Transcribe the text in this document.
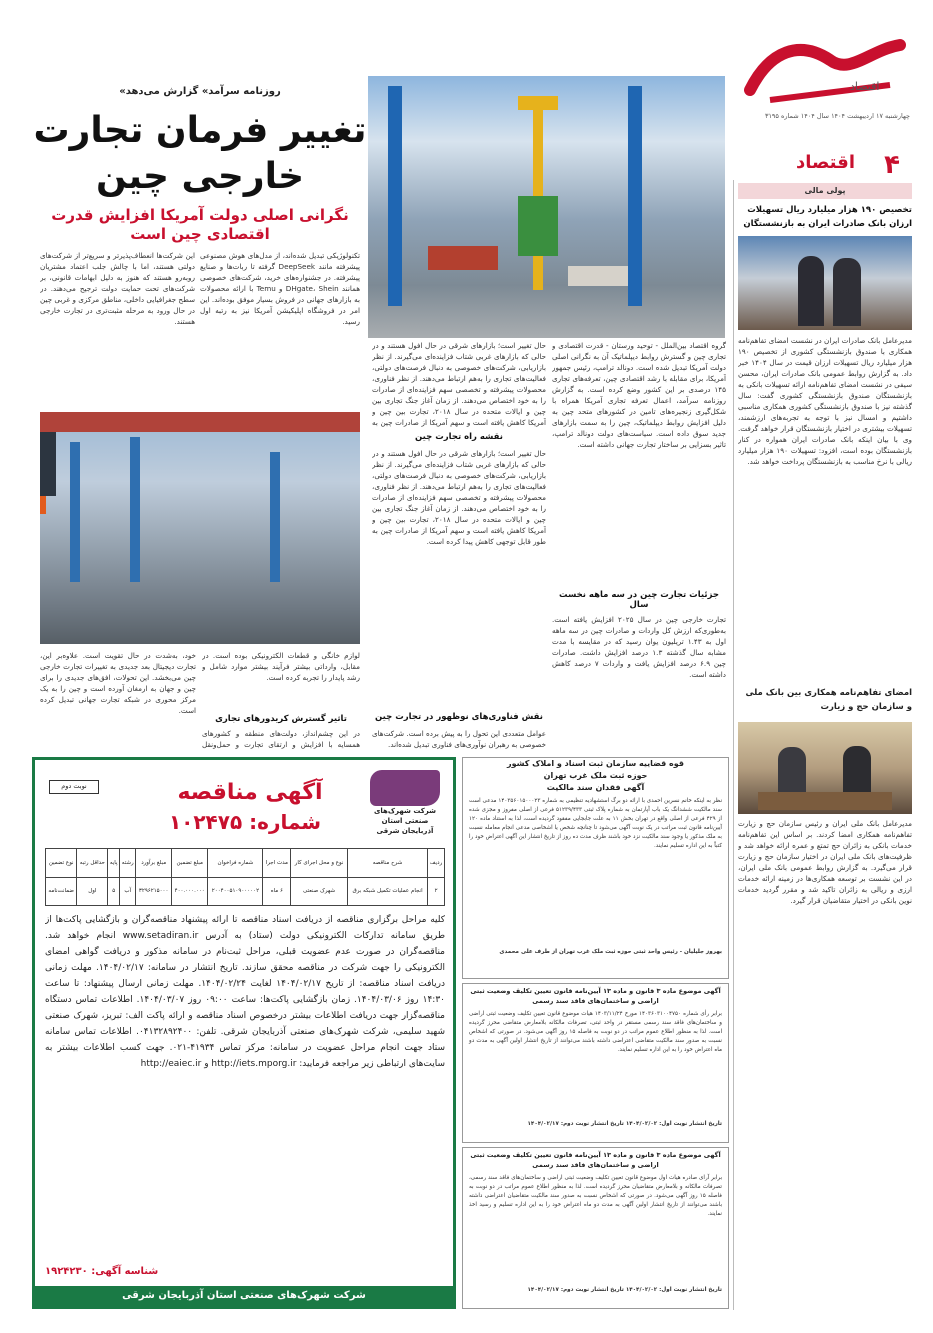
اقتصاد
چهارشنبه ۱۷ اردیبهشت ۱۴۰۴ سال ۱۴۰۴ شماره ۳۱۹۵
۴
اقتصاد
پولی مالی
تخصیص ۱۹۰ هزار میلیارد ریال تسهیلات ارزان بانک صادرات ایران به بازنشستگان
مدیرعامل بانک صادرات ایران در نشست امضای تفاهم‌نامه همکاری با صندوق بازنشستگی کشوری از تخصیص ۱۹۰ هزار میلیارد ریال تسهیلات ارزان قیمت در سال ۱۴۰۴ خبر داد. به گزارش روابط عمومی بانک صادرات ایران، محسن سیفی در نشست امضای تفاهم‌نامه ارائه تسهیلات بانکی به بازنشستگان صندوق بازنشستگی کشوری گفت: سال گذشته نیز با صندوق بازنشستگی کشوری همکاری مناسبی داشتیم و امسال نیز با توجه به تجربه‌های ارزشمند، تسهیلات بیشتری در اختیار بازنشستگان قرار خواهد گرفت. وی با بیان اینکه بانک صادرات ایران همواره در کنار بازنشستگان بوده است، افزود: تسهیلات ۱۹۰ هزار میلیارد ریالی با نرخ مناسب به بازنشستگان پرداخت خواهد شد.
امضای تفاهم‌نامه همکاری بین بانک ملی و سازمان حج و زیارت
مدیرعامل بانک ملی ایران و رئیس سازمان حج و زیارت تفاهم‌نامه همکاری امضا کردند. بر اساس این تفاهم‌نامه خدمات بانکی به زائران حج تمتع و عمره ارائه خواهد شد و ظرفیت‌های بانک ملی ایران در اختیار سازمان حج و زیارت قرار می‌گیرد. به گزارش روابط عمومی بانک ملی ایران، در این نشست بر توسعه همکاری‌ها در زمینه ارائه خدمات ارزی و ریالی به زائران تاکید شد و مقرر گردید خدمات نوین بانکی در اختیار متقاضیان قرار گیرد.
«روزنامه سرآمد» گزارش می‌دهد
تغییر فرمان تجارت
خارجی چین
نگرانی اصلی دولت آمریکا افزایش قدرت اقتصادی چین است
گروه اقتصاد بین‌الملل - توحید ورستان - قدرت اقتصادی و تجاری چین و گسترش روابط دیپلماتیک آن به نگرانی اصلی دولت آمریکا تبدیل شده است. دونالد ترامپ، رئیس جمهور آمریکا، برای مقابله با رشد اقتصادی چین، تعرفه‌های تجاری ۱۴۵ درصدی بر این کشور وضع کرده است. به گزارش روزنامه سرآمد، اعمال تعرفه تجاری آمریکا همراه با شکل‌گیری زنجیره‌های تامین در کشورهای متحد چین به دلیل افزایش روابط دیپلماتیک، چین را به سمت بازارهای جدید سوق داده است. سیاست‌های دولت دونالد ترامپ، تاثیر بسزایی بر ساختار تجارت جهانی داشته است.
جزئیات تجارت چین در سه ماهه نخست سال
تجارت خارجی چین در سال ۲۰۲۵ افزایش یافته است. به‌طوری‌که ارزش کل واردات و صادرات چین در سه ماهه اول به ۱.۴۳ تریلیون یوان رسید که در مقایسه با مدت مشابه سال گذشته ۱.۳ درصد افزایش داشت. صادرات چین ۶.۹ درصد افزایش یافت و واردات ۷ درصد کاهش داشته است.
حال تغییر است؛ بازارهای شرقی در حال افول هستند و در حالی که بازارهای غربی شتاب فزاینده‌ای می‌گیرند. از نظر بازاریابی، شرکت‌های خصوصی به دنبال فرصت‌های دولتی، فعالیت‌های تجاری را به‌هم ارتباط می‌دهند. از نظر فناوری، محصولات پیشرفته و تخصصی سهم فزاینده‌ای از صادرات را به خود اختصاص می‌دهند. از زمان آغاز جنگ تجاری بین چین و ایالات متحده در سال ۲۰۱۸، تجارت بین چین و آمریکا کاهش یافته است و سهم آمریکا از صادرات چین به
نقشه راه تجارت چین
حال تغییر است؛ بازارهای شرقی در حال افول هستند و در حالی که بازارهای غربی شتاب فزاینده‌ای می‌گیرند. از نظر بازاریابی، شرکت‌های خصوصی به دنبال فرصت‌های دولتی، فعالیت‌های تجاری را به‌هم ارتباط می‌دهند. از نظر فناوری، محصولات پیشرفته و تخصصی سهم فزاینده‌ای از صادرات را به خود اختصاص می‌دهند. از زمان آغاز جنگ تجاری بین چین و ایالات متحده در سال ۲۰۱۸، تجارت بین چین و آمریکا کاهش یافته است و سهم آمریکا از صادرات چین به طور قابل توجهی کاهش پیدا کرده است.
نقش فناوری‌های نوظهور در تجارت چین
عوامل متعددی این تحول را به پیش برده است. شرکت‌های خصوصی به رهبران نوآوری‌های فناوری تبدیل شده‌اند.
تکنولوژیکی تبدیل شده‌اند، از مدل‌های هوش مصنوعی پیشرفته مانند DeepSeek گرفته تا ربات‌ها و صنایع پیشرفته. در جشنواره‌های خرید، شرکت‌های خصوصی همانند DHgate، Shein و Temu با ارائه محصولات به بازارهای جهانی در فروش بسیار موفق بوده‌اند. این امر در فروشگاه اپلیکیشن آمریکا نیز به رتبه اول رسید.
این شرکت‌ها انعطاف‌پذیرتر و سریع‌تر از شرکت‌های دولتی هستند، اما با چالش جلب اعتماد مشتریان رو‌به‌رو هستند که هنوز به دلیل ابهامات قانونی، بر شرکت‌های تحت حمایت دولت ترجیح می‌دهند. در سطح جغرافیایی داخلی، مناطق مرکزی و غربی چین در حال ورود به مرحله مثبت‌تری در تجارت خارجی هستند.
لوازم خانگی و قطعات الکترونیکی بوده است. در مقابل، وارداتی بیشتر فرآیند بیشتر موارد شامل و رشد پایدار را تجربه کرده است.
تاثیر گسترش کریدورهای تجاری
در این چشم‌انداز، دولت‌های منطقه و کشورهای همسایه با افزایش و ارتقای تجارت و حمل‌ونقل
خود، به‌شدت در حال تقویت است. علاوه‌بر این، تجارت دیجیتال بعد جدیدی به تغییرات تجارت خارجی چین می‌بخشد. این تحولات، افق‌های جدیدی را برای چین و جهان به ارمغان آورده است و چین را به یک مرکز محوری در شبکه تجارت جهانی تبدیل کرده است.
نوبت دوم	آگهی مناقصه
شماره: ۱۰۲۴۷۵	شرکت شهرک‌های صنعتی استان آذربایجان شرقی
ردیف	شرح مناقصه	نوع و محل اجرای کار	مدت اجرا	شماره فراخوان	مبلغ تضمین	مبلغ برآورد	رشته	پایه	حداقل رتبه	نوع تضمین
۲	انجام عملیات تکمیل شبکه برق	شهرک صنعتی	۶ ماه	۲۰۰۴۰۰۵۱۰۹۰۰۰۰۰۲	۴۰۰.۰۰۰.۰۰۰	۳۲۹۶۲۱۵۰۰۰	آب	۵	اول	ضمانت‌نامه
کلیه مراحل برگزاری مناقصه از دریافت اسناد مناقصه تا ارائه پیشنهاد مناقصه‌گران و بازگشایی پاکت‌ها از طریق سامانه تدارکات الکترونیکی دولت (ستاد) به آدرس www.setadiran.ir انجام خواهد شد. مناقصه‌گران در صورت عدم عضویت قبلی، مراحل ثبت‌نام در سامانه مذکور و دریافت گواهی امضای الکترونیکی را جهت شرکت در مناقصه محقق سازند. تاریخ انتشار در سامانه: ۱۴۰۴/۰۲/۱۷. مهلت زمانی دریافت اسناد مناقصه: از تاریخ ۱۴۰۴/۰۲/۱۷ لغایت ۱۴۰۴/۰۲/۲۴. مهلت زمانی ارسال پیشنهاد: تا ساعت ۱۴:۳۰ روز ۱۴۰۴/۰۳/۰۶. زمان بازگشایی پاکت‌ها: ساعت ۰۹:۰۰ روز ۱۴۰۴/۰۳/۰۷. اطلاعات تماس دستگاه مناقصه‌گزار جهت دریافت اطلاعات بیشتر درخصوص اسناد مناقصه و ارائه پاکت الف: تبریز، شهرک صنعتی شهید سلیمی، شرکت شهرک‌های صنعتی آذربایجان شرقی. تلفن: ۰۴۱۳۲۸۹۲۴۰۰. اطلاعات تماس سامانه ستاد جهت انجام مراحل عضویت در سامانه: مرکز تماس ۴۱۹۳۴-۰۲۱. جهت کسب اطلاعات بیشتر به سایت‌های ارتباطی زیر مراجعه فرمایید: http://iets.mporg.ir و http://eaiec.ir
شناسه آگهی: ۱۹۲۴۲۳۰
شرکت شهرک‌های صنعتی استان آذربایجان شرقی
قوه قضاییه سازمان ثبت اسناد و املاک کشور
حوزه ثبت ملک غرب تهران
آگهی فقدان سند مالکیت
نظر به اینکه خانم نسرین احمدی با ارائه دو برگ استشهادیه تنظیمی به شماره ۱۴۰۳۵۶۰۱۵۰۰۰۲۳ مدعی است سند مالکیت ششدانگ یک باب آپارتمان به شماره پلاک ثبتی ۵۱۲۳۹/۴۳۳ فرعی از اصلی مفروز و مجزی شده از ۴۲۹ فرعی از اصلی واقع در تهران بخش ۱۱ به علت جابجایی مفقود گردیده است، لذا به استناد ماده ۱۲۰ آیین‌نامه قانون ثبت مراتب در یک نوبت آگهی می‌شود تا چنانچه شخص یا اشخاصی مدعی انجام معامله نسبت به ملک مذکور یا وجود سند مالکیت نزد خود باشند ظرف مدت ده روز از تاریخ انتشار این آگهی اعتراض خود را کتباً به این اداره تسلیم نمایند.
بهروز جلیلیان - رئیس واحد ثبتی حوزه ثبت ملک غرب تهران از طرف علی محمدی
آگهی موضوع ماده ۳ قانون و ماده ۱۳ آیین‌نامه قانون تعیین تکلیف وضعیت ثبتی اراضی و ساختمان‌های فاقد سند رسمی
برابر رأی شماره ۱۴۰۳۶۰۳۱۰۰۴۷۵۰ مورخ ۱۴۰۳/۱۱/۲۴ هیات موضوع قانون تعیین تکلیف وضعیت ثبتی اراضی و ساختمان‌های فاقد سند رسمی مستقر در واحد ثبتی، تصرفات مالکانه بلامعارض متقاضی محرز گردیده است. لذا به منظور اطلاع عموم مراتب در دو نوبت به فاصله ۱۵ روز آگهی می‌شود. در صورتی که اشخاص نسبت به صدور سند مالکیت متقاضی اعتراضی داشته باشند می‌توانند از تاریخ انتشار اولین آگهی به مدت دو ماه اعتراض خود را به این اداره تسلیم نمایند.
تاریخ انتشار نوبت اول: ۱۴۰۴/۰۲/۰۲ تاریخ انتشار نوبت دوم: ۱۴۰۴/۰۲/۱۷
آگهی موضوع ماده ۳ قانون و ماده ۱۳ آیین‌نامه قانون تعیین تکلیف وضعیت ثبتی اراضی و ساختمان‌های فاقد سند رسمی
برابر آرای صادره هیات اول موضوع قانون تعیین تکلیف وضعیت ثبتی اراضی و ساختمان‌های فاقد سند رسمی، تصرفات مالکانه و بلامعارض متقاضیان محرز گردیده است. لذا به منظور اطلاع عموم مراتب در دو نوبت به فاصله ۱۵ روز آگهی می‌شود. در صورتی که اشخاص نسبت به صدور سند مالکیت متقاضیان اعتراضی داشته باشند می‌توانند از تاریخ انتشار اولین آگهی به مدت دو ماه اعتراض خود را به این اداره تسلیم و رسید اخذ نمایند.
تاریخ انتشار نوبت اول: ۱۴۰۴/۰۲/۰۲ تاریخ انتشار نوبت دوم: ۱۴۰۴/۰۲/۱۷
